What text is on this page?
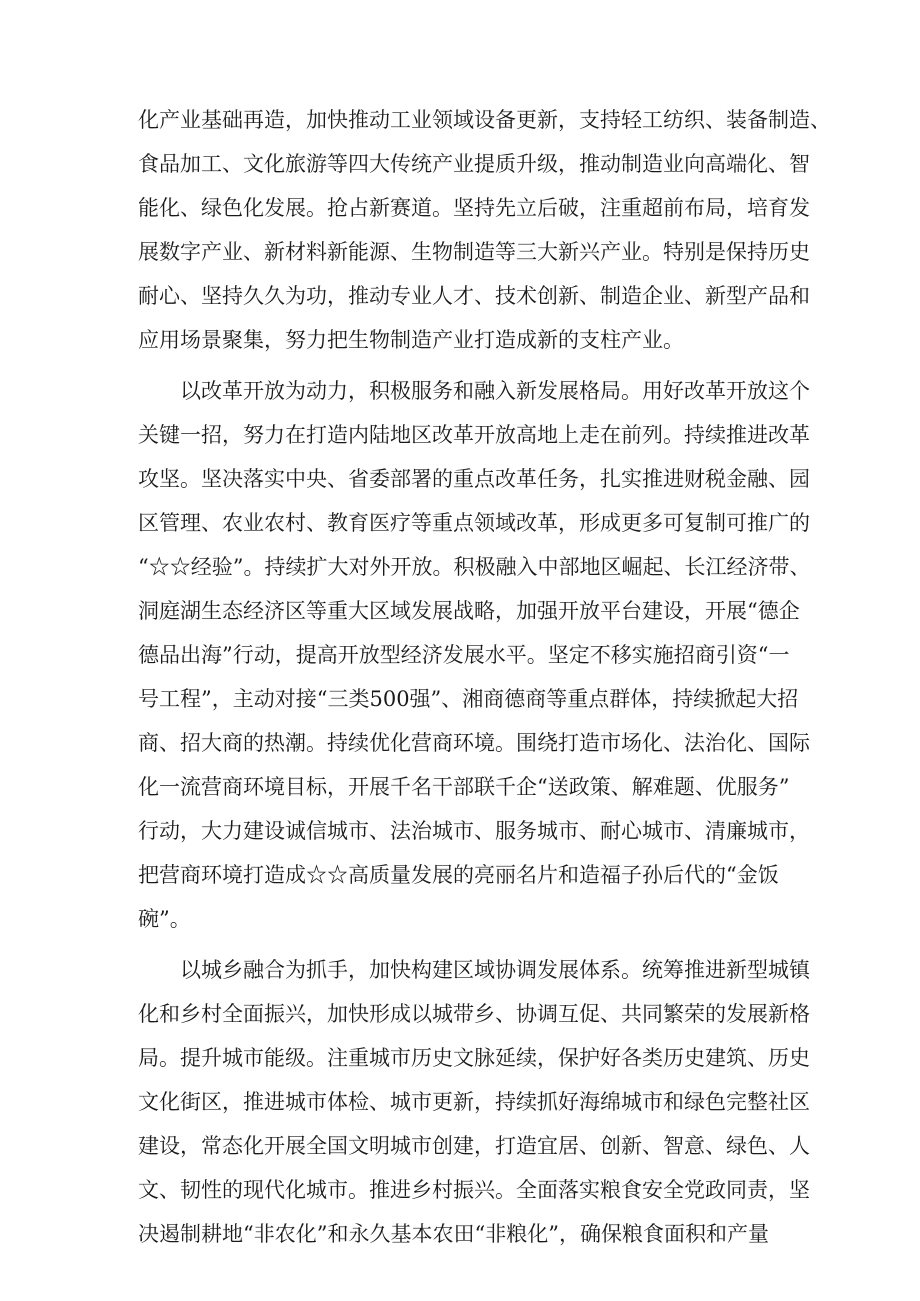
化产业基础再造，加快推动工业领域设备更新，支持轻工纺织、装备制造、
食品加工、文化旅游等四大传统产业提质升级，推动制造业向高端化、智
能化、绿色化发展。抢占新赛道。坚持先立后破，注重超前布局，培育发
展数字产业、新材料新能源、生物制造等三大新兴产业。特别是保持历史
耐心、坚持久久为功，推动专业人才、技术创新、制造企业、新型产品和
应用场景聚集，努力把生物制造产业打造成新的支柱产业。
以改革开放为动力，积极服务和融入新发展格局。用好改革开放这个
关键一招，努力在打造内陆地区改革开放高地上走在前列。持续推进改革
攻坚。坚决落实中央、省委部署的重点改革任务，扎实推进财税金融、园
区管理、农业农村、教育医疗等重点领域改革，形成更多可复制可推广的
“☆☆经验”。持续扩大对外开放。积极融入中部地区崛起、长江经济带、
洞庭湖生态经济区等重大区域发展战略，加强开放平台建设，开展“德企
德品出海”行动，提高开放型经济发展水平。坚定不移实施招商引资“一
号工程”，主动对接“三类500强”、湘商德商等重点群体，持续掀起大招
商、招大商的热潮。持续优化营商环境。围绕打造市场化、法治化、国际
化一流营商环境目标，开展千名干部联千企“送政策、解难题、优服务”
行动，大力建设诚信城市、法治城市、服务城市、耐心城市、清廉城市，
把营商环境打造成☆☆高质量发展的亮丽名片和造福子孙后代的“金饭
碗”。
以城乡融合为抓手，加快构建区域协调发展体系。统筹推进新型城镇
化和乡村全面振兴，加快形成以城带乡、协调互促、共同繁荣的发展新格
局。提升城市能级。注重城市历史文脉延续，保护好各类历史建筑、历史
文化街区，推进城市体检、城市更新，持续抓好海绵城市和绿色完整社区
建设，常态化开展全国文明城市创建，打造宜居、创新、智意、绿色、人
文、韧性的现代化城市。推进乡村振兴。全面落实粮食安全党政同责，坚
决遏制耕地“非农化”和永久基本农田“非粮化”，确保粮食面积和产量
